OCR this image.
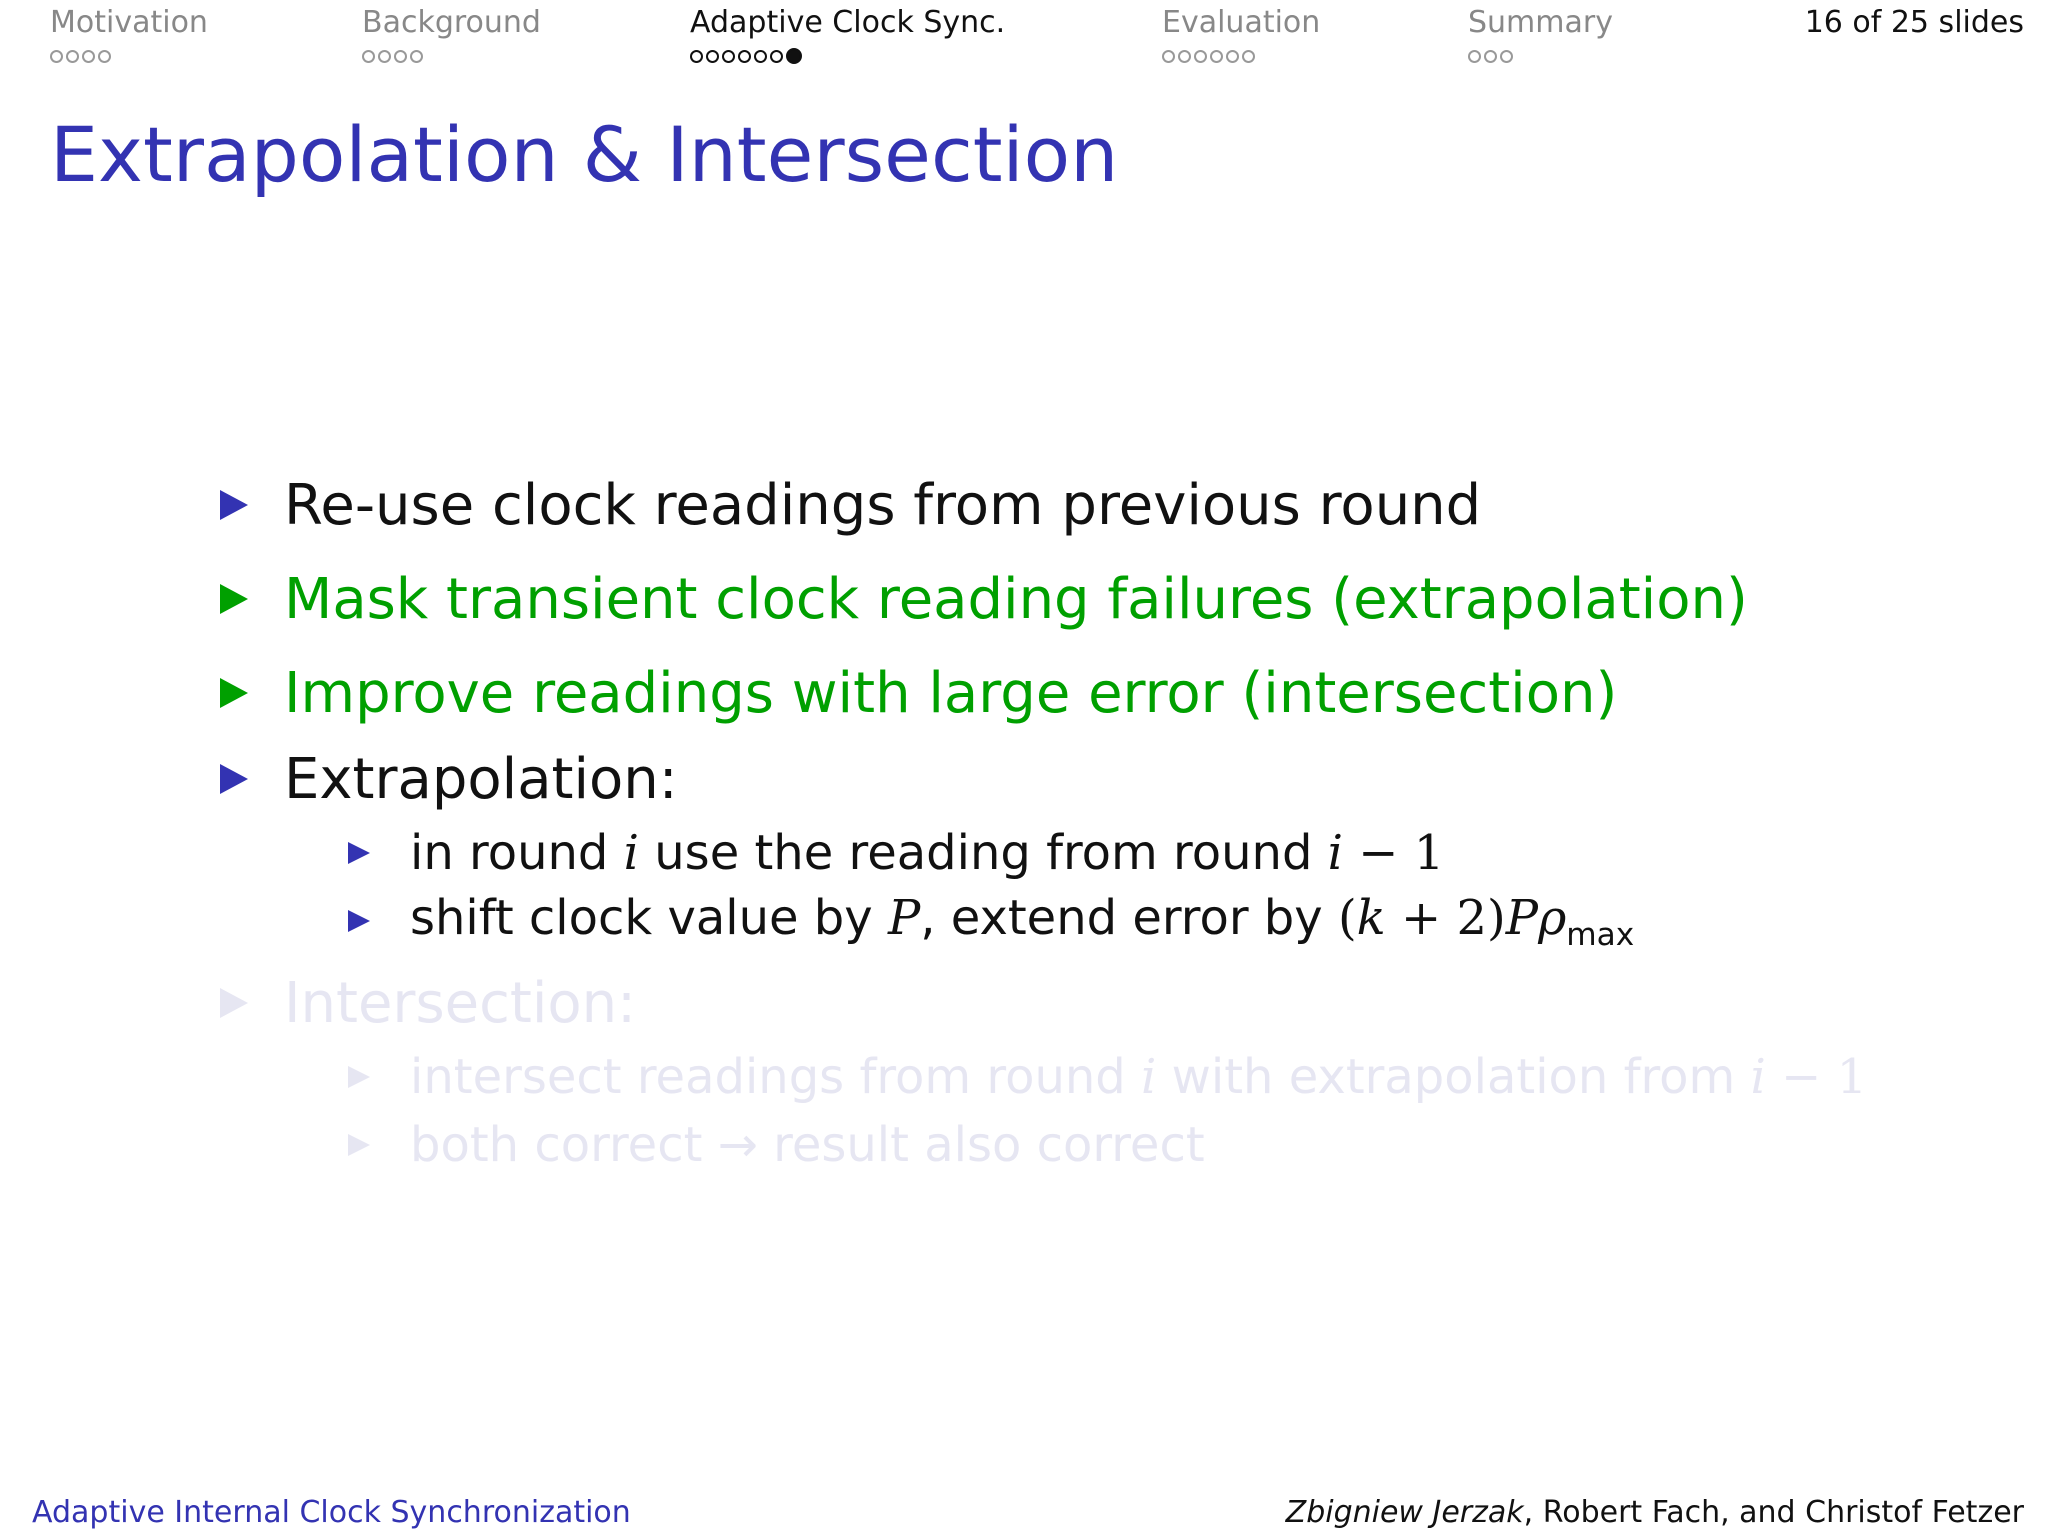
Motivation	Background	Adaptive Clock Sync.	Evaluation	Summary	16 of 25 slides
Extrapolation & Intersection
Re-use clock readings from previous round
Mask transient clock reading failures (extrapolation)
Improve readings with large error (intersection)
Extrapolation:
in round i use the reading from round i − 1
shift clock value by P, extend error by $(k + 2)P\rho_{max}$
Intersection:
intersect readings from round i with extrapolation from i − 1
both correct → result also correct
Adaptive Internal Clock Synchronization	Zbigniew Jerzak, Robert Fach, and Christof Fetzer
